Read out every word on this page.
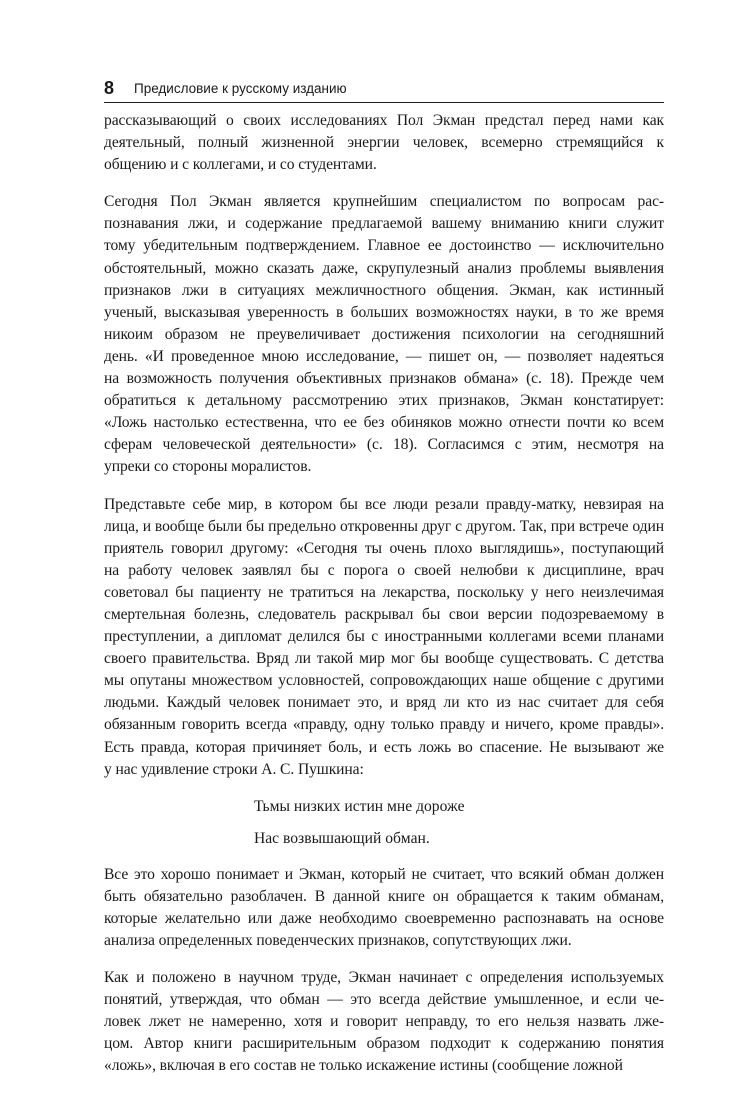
8 Предисловие к русскому изданию
рассказывающий о своих исследованиях Пол Экман предстал перед нами как
деятельный, полный жизненной энергии человек, всемерно стремящийся к
общению и с коллегами, и со студентами.
Сегодня Пол Экман является крупнейшим специалистом по вопросам рас-
познавания лжи, и содержание предлагаемой вашему вниманию книги служит
тому убедительным подтверждением. Главное ее достоинство — исключительно
обстоятельный, можно сказать даже, скрупулезный анализ проблемы выявления
признаков лжи в ситуациях межличностного общения. Экман, как истинный
ученый, высказывая уверенность в больших возможностях науки, в то же время
никоим образом не преувеличивает достижения психологии на сегодняшний
день. «И проведенное мною исследование, — пишет он, — позволяет надеяться
на возможность получения объективных признаков обмана» (с. 18). Прежде чем
обратиться к детальному рассмотрению этих признаков, Экман констатирует:
«Ложь настолько естественна, что ее без обиняков можно отнести почти ко всем
сферам человеческой деятельности» (с. 18). Согласимся с этим, несмотря на
упреки со стороны моралистов.
Представьте себе мир, в котором бы все люди резали правду-матку, невзирая на
лица, и вообще были бы предельно откровенны друг с другом. Так, при встрече один
приятель говорил другому: «Сегодня ты очень плохо выглядишь», поступающий
на работу человек заявлял бы с порога о своей нелюбви к дисциплине, врач
советовал бы пациенту не тратиться на лекарства, поскольку у него неизлечимая
смертельная болезнь, следователь раскрывал бы свои версии подозреваемому в
преступлении, а дипломат делился бы с иностранными коллегами всеми планами
своего правительства. Вряд ли такой мир мог бы вообще существовать. С детства
мы опутаны множеством условностей, сопровождающих наше общение с другими
людьми. Каждый человек понимает это, и вряд ли кто из нас считает для себя
обязанным говорить всегда «правду, одну только правду и ничего, кроме правды».
Есть правда, которая причиняет боль, и есть ложь во спасение. Не вызывают же
у нас удивление строки А. С. Пушкина:
Тьмы низких истин мне дороже
Нас возвышающий обман.
Все это хорошо понимает и Экман, который не считает, что всякий обман должен
быть обязательно разоблачен. В данной книге он обращается к таким обманам,
которые желательно или даже необходимо своевременно распознавать на основе
анализа определенных поведенческих признаков, сопутствующих лжи.
Как и положено в научном труде, Экман начинает с определения используемых
понятий, утверждая, что обман — это всегда действие умышленное, и если че-
ловек лжет не намеренно, хотя и говорит неправду, то его нельзя назвать лже-
цом. Автор книги расширительным образом подходит к содержанию понятия
«ложь», включая в его состав не только искажение истины (сообщение ложной
